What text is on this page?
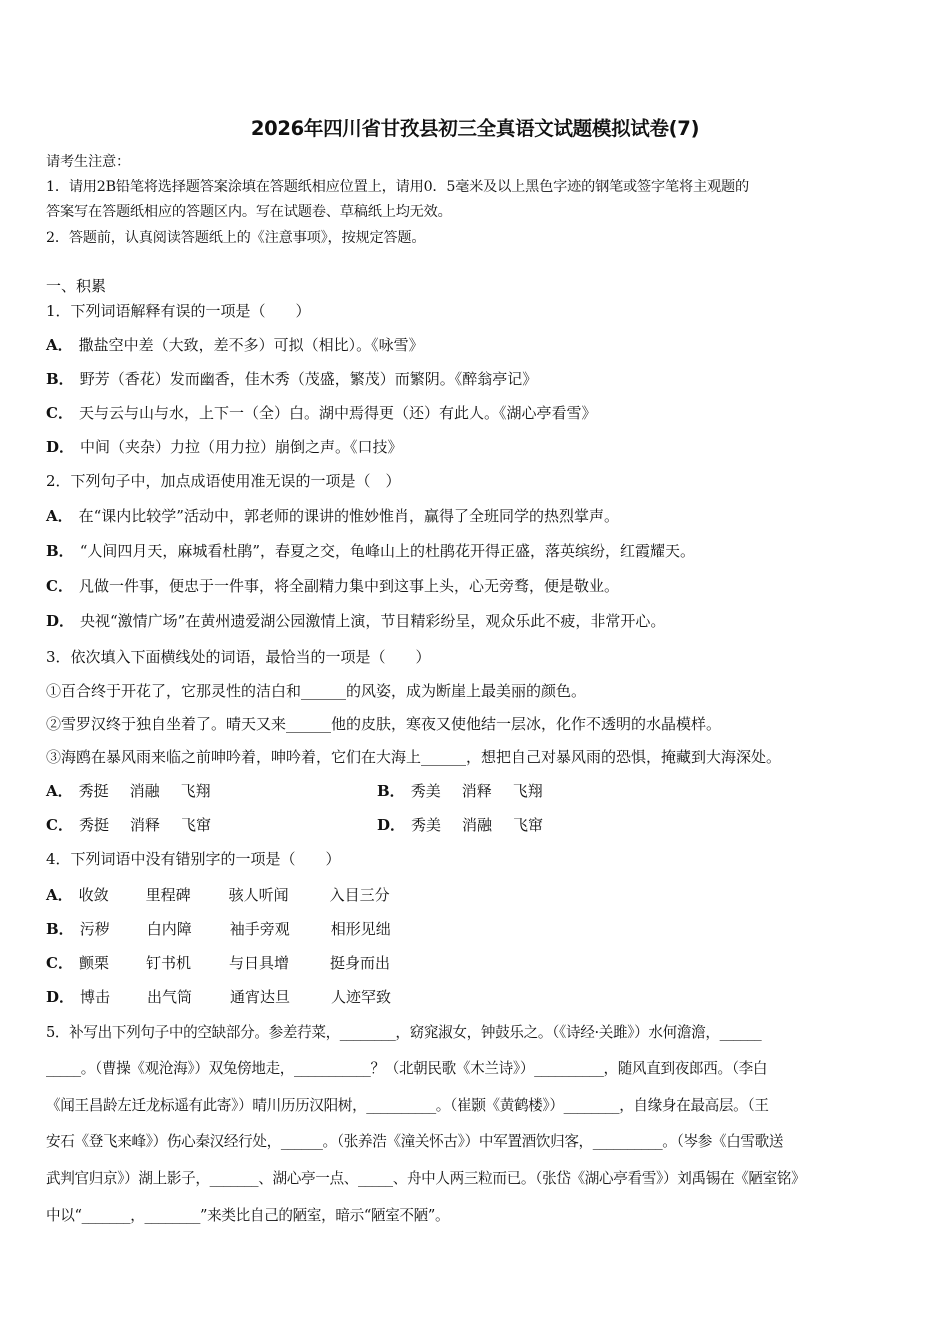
2026年四川省甘孜县初三全真语文试题模拟试卷(7)
请考生注意：
1．请用2B铅笔将选择题答案涂填在答题纸相应位置上，请用0．5毫米及以上黑色字迹的钢笔或签字笔将主观题的
答案写在答题纸相应的答题区内。写在试题卷、草稿纸上均无效。
2．答题前，认真阅读答题纸上的《注意事项》，按规定答题。
一、积累
1．下列词语解释有误的一项是（　　）
A． 撒盐空中差（大致，差不多）可拟（相比）。《咏雪》
B． 野芳（香花）发而幽香，佳木秀（茂盛，繁茂）而繁阴。《醉翁亭记》
C． 天与云与山与水，上下一（全）白。湖中焉得更（还）有此人。《湖心亭看雪》
D． 中间（夹杂）力拉（用力拉）崩倒之声。《口技》
2．下列句子中，加点成语使用准无误的一项是（　）
A． 在“课内比较学”活动中，郭老师的课讲的惟妙惟肖，赢得了全班同学的热烈掌声。
B． “人间四月天，麻城看杜鹃”，春夏之交，龟峰山上的杜鹃花开得正盛，落英缤纷，红霞耀天。
C． 凡做一件事，便忠于一件事，将全副精力集中到这事上头，心无旁骛，便是敬业。
D． 央视“激情广场”在黄州遗爱湖公园激情上演，节目精彩纷呈，观众乐此不疲，非常开心。
3．依次填入下面横线处的词语，最恰当的一项是（　　）
①百合终于开花了，它那灵性的洁白和______的风姿，成为断崖上最美丽的颜色。
②雪罗汉终于独自坐着了。晴天又来______他的皮肤，寒夜又使他结一层冰，化作不透明的水晶模样。
③海鸥在暴风雨来临之前呻吟着，呻吟着，它们在大海上______，想把自己对暴风雨的恐惧，掩藏到大海深处。
A． 秀挺 消融 飞翔	B． 秀美 消释 飞翔
C． 秀挺 消释 飞窜	D． 秀美 消融 飞窜
4．下列词语中没有错别字的一项是（　　）
A． 收敛 里程碑	骇人听闻	入目三分
B． 污秽 白内障	袖手旁观	相形见绌
C． 颤栗 钉书机	与日具增	挺身而出
D． 博击 出气筒	通宵达旦	人迹罕致
5．补写出下列句子中的空缺部分。参差荇菜，________，窈窕淑女，钟鼓乐之。（《诗经·关雎》）水何澹澹，______
_____。（曹操《观沧海》）双兔傍地走，___________？（北朝民歌《木兰诗》）__________，随风直到夜郎西。（李白
《闻王昌龄左迁龙标遥有此寄》）晴川历历汉阳树，__________。（崔颢《黄鹤楼》）________，自缘身在最高层。（王
安石《登飞来峰》）伤心秦汉经行处，______。（张养浩《潼关怀古》）中军置酒饮归客，__________。（岑参《白雪歌送
武判官归京》）湖上影子，_______、湖心亭一点、_____、舟中人两三粒而已。（张岱《湖心亭看雪》）刘禹锡在《陋室铭》
中以“_______，________”来类比自己的陋室，暗示“陋室不陋”。
